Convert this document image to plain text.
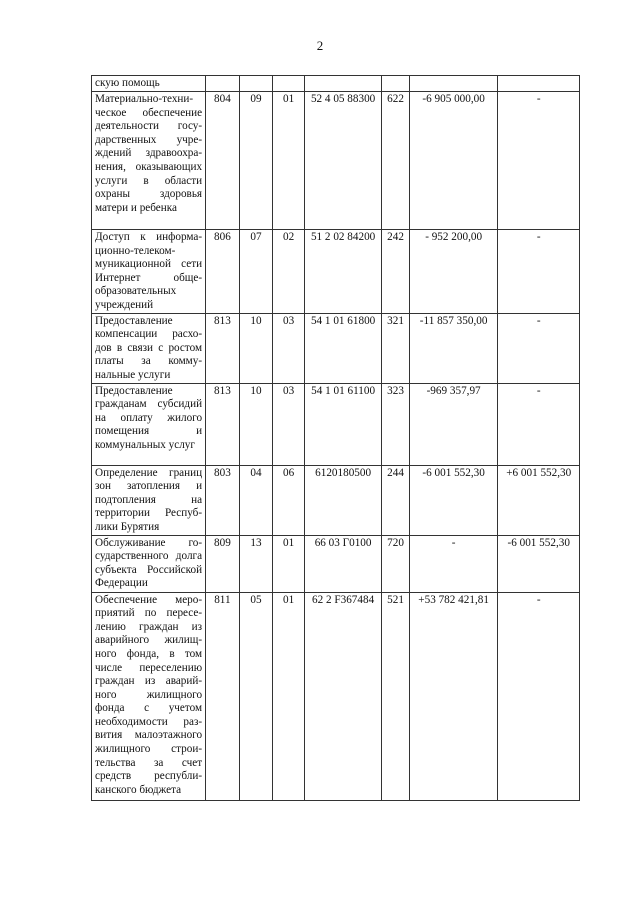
2
скую помощь							
Материально-техническое обеспечение деятельности государственных учреждений здравоохранения, оказывающих услуги в области охраны здоровья матери и ребенка	804	09	01	52 4 05 88300	622	-6 905 000,00	-
Доступ к информационно-телекоммуникационной сети Интернет общеобразовательных учреждений	806	07	02	51 2 02 84200	242	- 952 200,00	-
Предоставление компенсации расходов в связи с ростом платы за коммунальные услуги	813	10	03	54 1 01 61800	321	-11 857 350,00	-
Предоставление гражданам субсидий на оплату жилого помещения и коммунальных услуг	813	10	03	54 1 01 61100	323	-969 357,97	-
Определение границ зон затопления и подтопления на территории Республики Бурятия	803	04	06	6120180500	244	-6 001 552,30	+6 001 552,30
Обслуживание государственного долга субъекта Российской Федерации	809	13	01	66 03 Г0100	720	-	-6 001 552,30
Обеспечение мероприятий по переселению граждан из аварийного жилищного фонда, в том числе переселению граждан из аварийного жилищного фонда с учетом необходимости развития малоэтажного жилищного строительства за счет средств республиканского бюджета	811	05	01	62 2 F367484	521	+53 782 421,81	-
